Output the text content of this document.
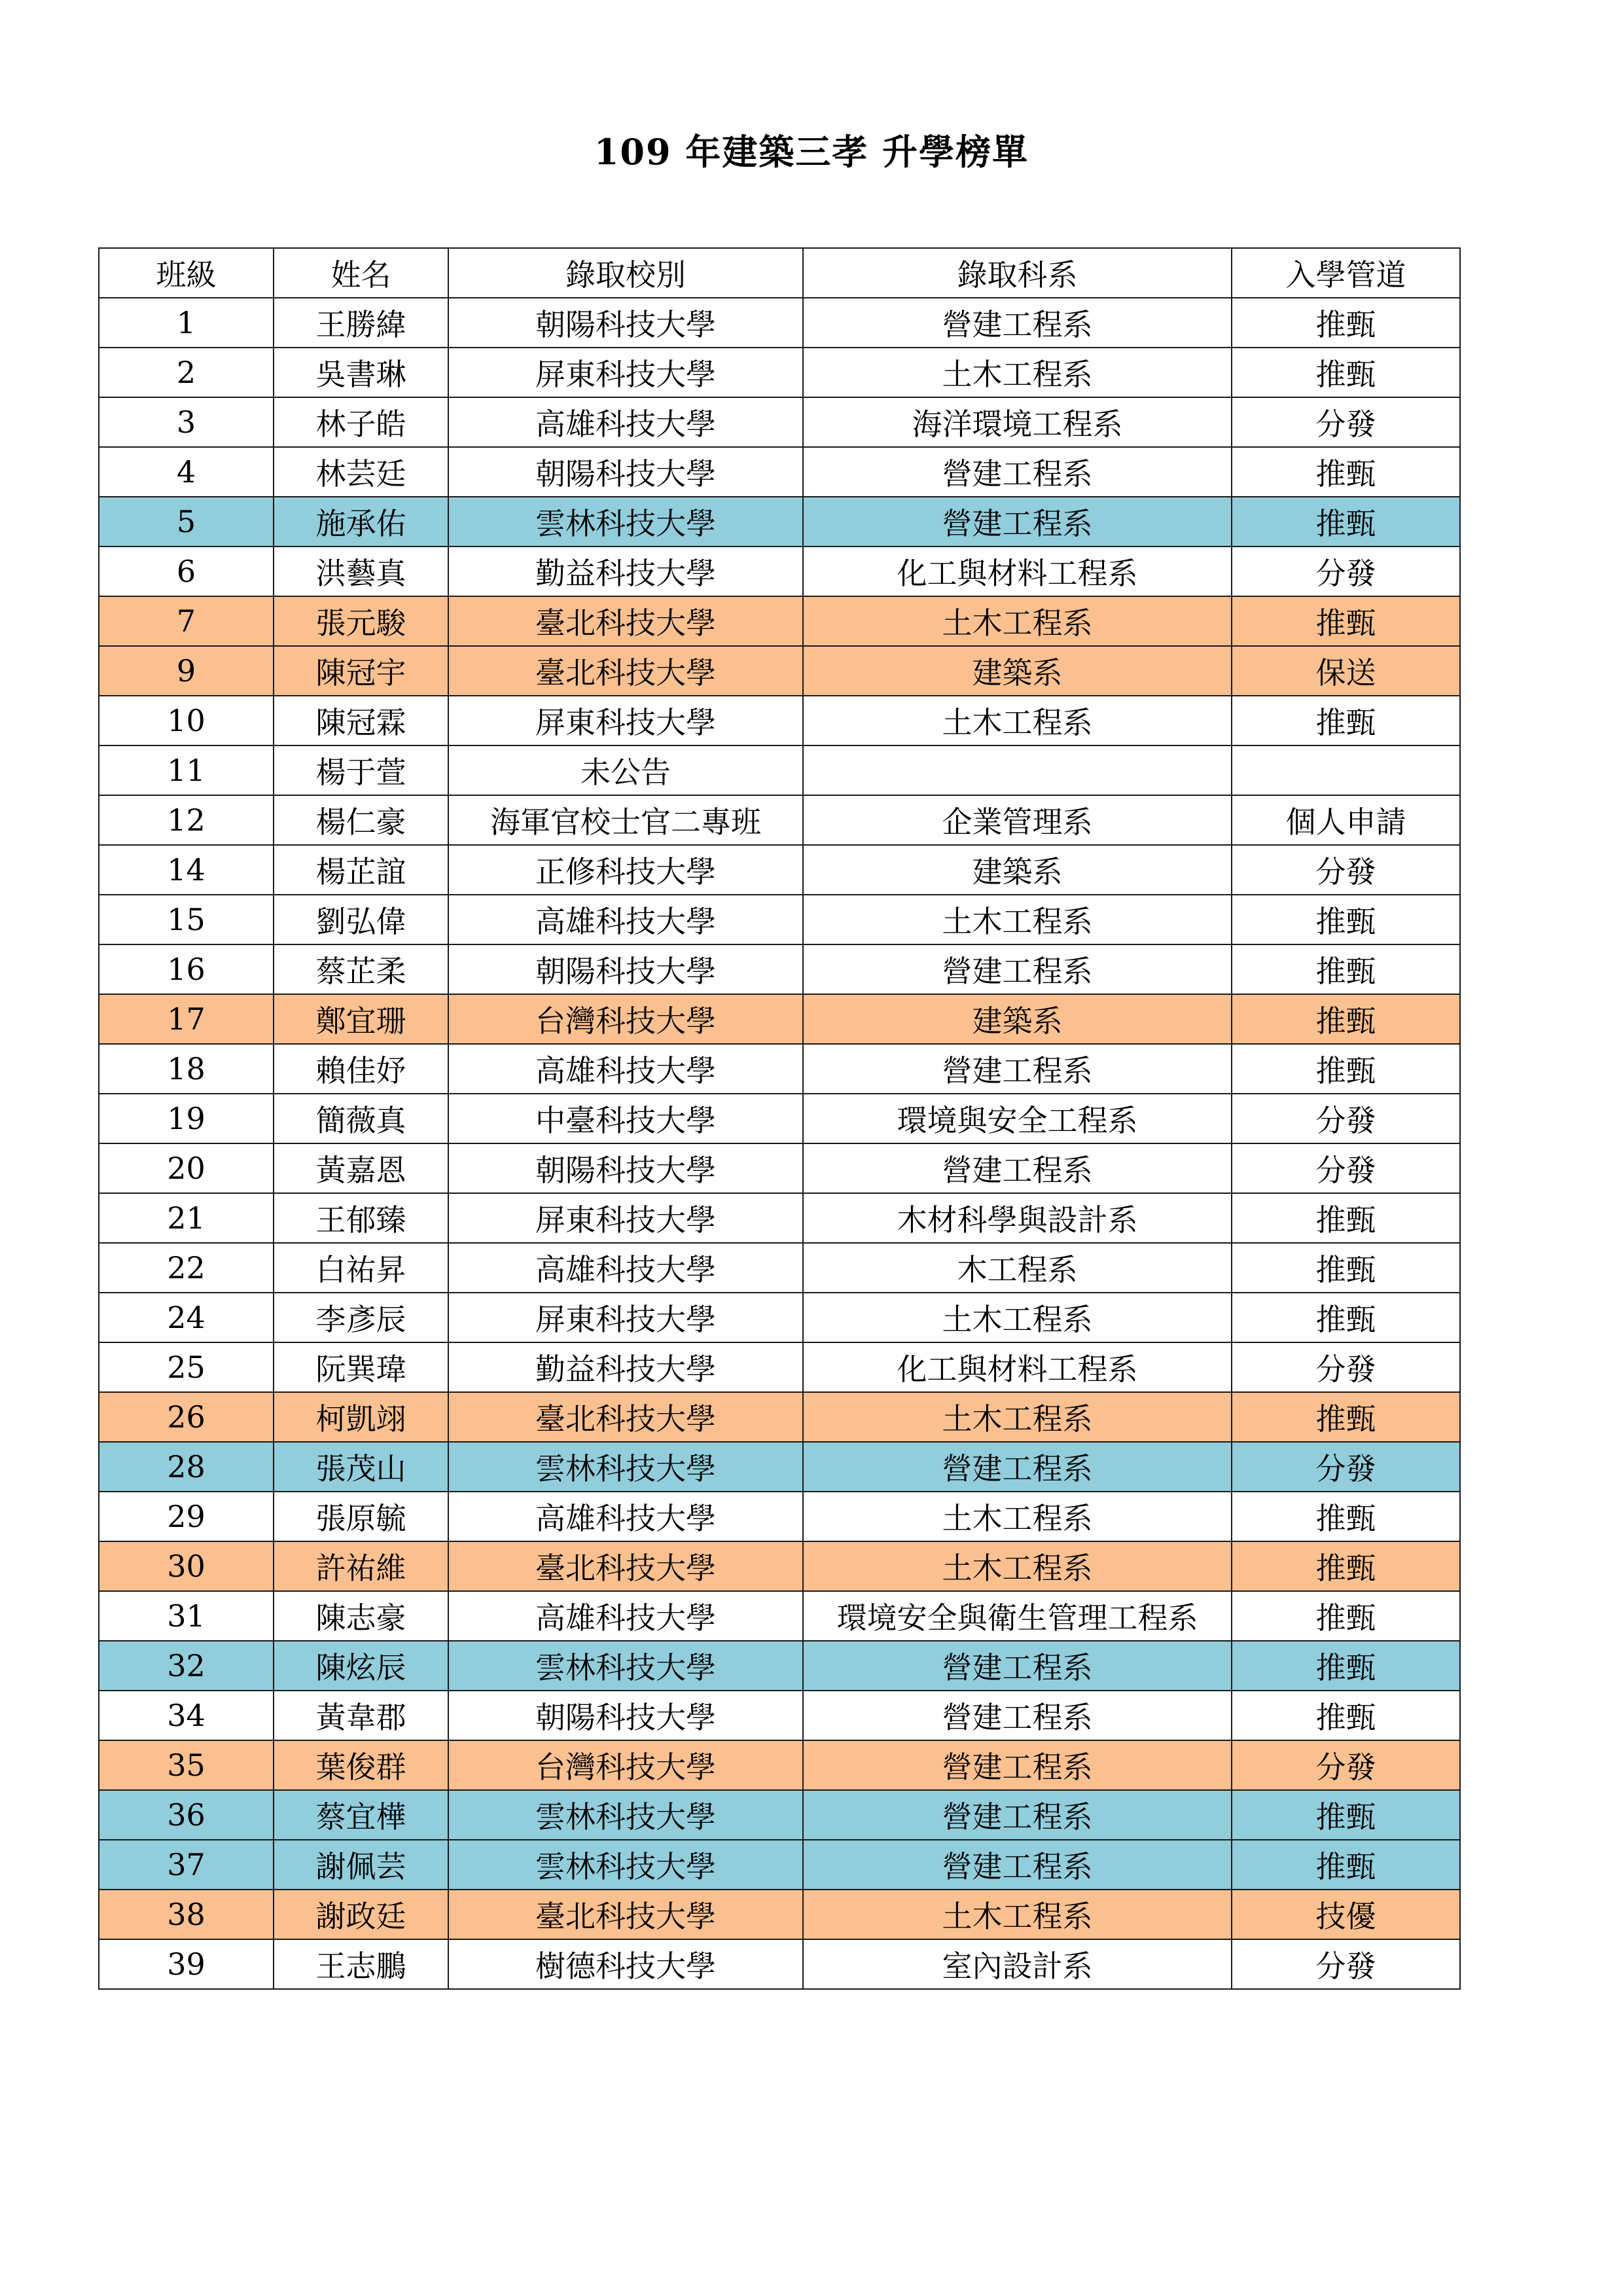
109 年建築三孝 升學榜單
班級	姓名	錄取校別	錄取科系	入學管道
1	王勝緯	朝陽科技大學	營建工程系	推甄
2	吳書琳	屏東科技大學	土木工程系	推甄
3	林子皓	高雄科技大學	海洋環境工程系	分發
4	林芸廷	朝陽科技大學	營建工程系	推甄
5	施承佑	雲林科技大學	營建工程系	推甄
6	洪藝真	勤益科技大學	化工與材料工程系	分發
7	張元駿	臺北科技大學	土木工程系	推甄
9	陳冠宇	臺北科技大學	建築系	保送
10	陳冠霖	屏東科技大學	土木工程系	推甄
11	楊于萱	未公告		
12	楊仁豪	海軍官校士官二專班	企業管理系	個人申請
14	楊芷誼	正修科技大學	建築系	分發
15	劉弘偉	高雄科技大學	土木工程系	推甄
16	蔡芷柔	朝陽科技大學	營建工程系	推甄
17	鄭宜珊	台灣科技大學	建築系	推甄
18	賴佳妤	高雄科技大學	營建工程系	推甄
19	簡薇真	中臺科技大學	環境與安全工程系	分發
20	黃嘉恩	朝陽科技大學	營建工程系	分發
21	王郁臻	屏東科技大學	木材科學與設計系	推甄
22	白祐昇	高雄科技大學	木工程系	推甄
24	李彥辰	屏東科技大學	土木工程系	推甄
25	阮巽瑋	勤益科技大學	化工與材料工程系	分發
26	柯凱翊	臺北科技大學	土木工程系	推甄
28	張茂山	雲林科技大學	營建工程系	分發
29	張原毓	高雄科技大學	土木工程系	推甄
30	許祐維	臺北科技大學	土木工程系	推甄
31	陳志豪	高雄科技大學	環境安全與衛生管理工程系	推甄
32	陳炫辰	雲林科技大學	營建工程系	推甄
34	黃韋郡	朝陽科技大學	營建工程系	推甄
35	葉俊群	台灣科技大學	營建工程系	分發
36	蔡宜樺	雲林科技大學	營建工程系	推甄
37	謝佩芸	雲林科技大學	營建工程系	推甄
38	謝政廷	臺北科技大學	土木工程系	技優
39	王志鵬	樹德科技大學	室內設計系	分發
